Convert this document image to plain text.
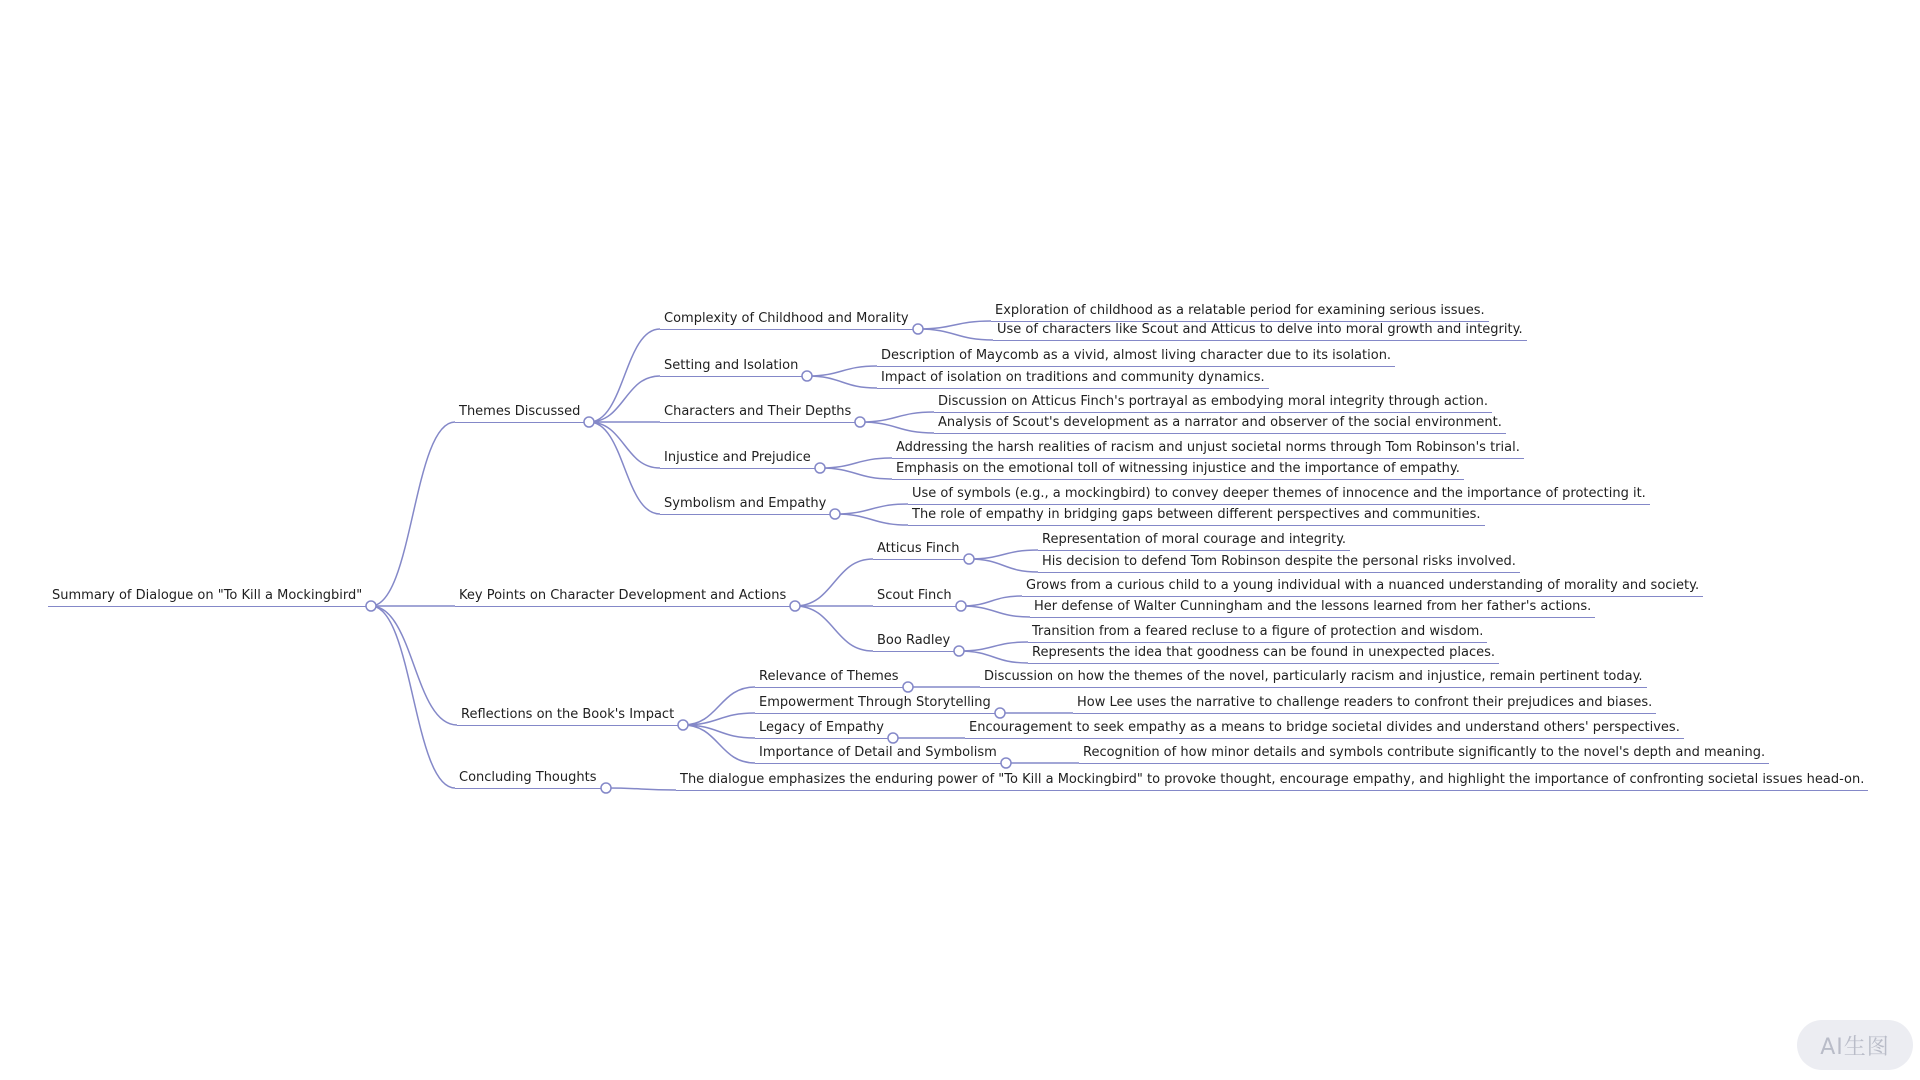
Summary of Dialogue on "To Kill a Mockingbird"
Themes Discussed
Key Points on Character Development and Actions
Reflections on the Book's Impact
Concluding Thoughts
Complexity of Childhood and Morality
Exploration of childhood as a relatable period for examining serious issues.
Use of characters like Scout and Atticus to delve into moral growth and integrity.
Setting and Isolation
Description of Maycomb as a vivid, almost living character due to its isolation.
Impact of isolation on traditions and community dynamics.
Characters and Their Depths
Discussion on Atticus Finch's portrayal as embodying moral integrity through action.
Analysis of Scout's development as a narrator and observer of the social environment.
Injustice and Prejudice
Addressing the harsh realities of racism and unjust societal norms through Tom Robinson's trial.
Emphasis on the emotional toll of witnessing injustice and the importance of empathy.
Symbolism and Empathy
Use of symbols (e.g., a mockingbird) to convey deeper themes of innocence and the importance of protecting it.
The role of empathy in bridging gaps between different perspectives and communities.
Atticus Finch
Representation of moral courage and integrity.
His decision to defend Tom Robinson despite the personal risks involved.
Scout Finch
Grows from a curious child to a young individual with a nuanced understanding of morality and society.
Her defense of Walter Cunningham and the lessons learned from her father's actions.
Boo Radley
Transition from a feared recluse to a figure of protection and wisdom.
Represents the idea that goodness can be found in unexpected places.
Relevance of Themes	Discussion on how the themes of the novel, particularly racism and injustice, remain pertinent today.
Empowerment Through Storytelling	How Lee uses the narrative to challenge readers to confront their prejudices and biases.
Legacy of Empathy	Encouragement to seek empathy as a means to bridge societal divides and understand others' perspectives.
Importance of Detail and Symbolism	Recognition of how minor details and symbols contribute significantly to the novel's depth and meaning.
The dialogue emphasizes the enduring power of "To Kill a Mockingbird" to provoke thought, encourage empathy, and highlight the importance of confronting societal issues head-on.
AI生图
